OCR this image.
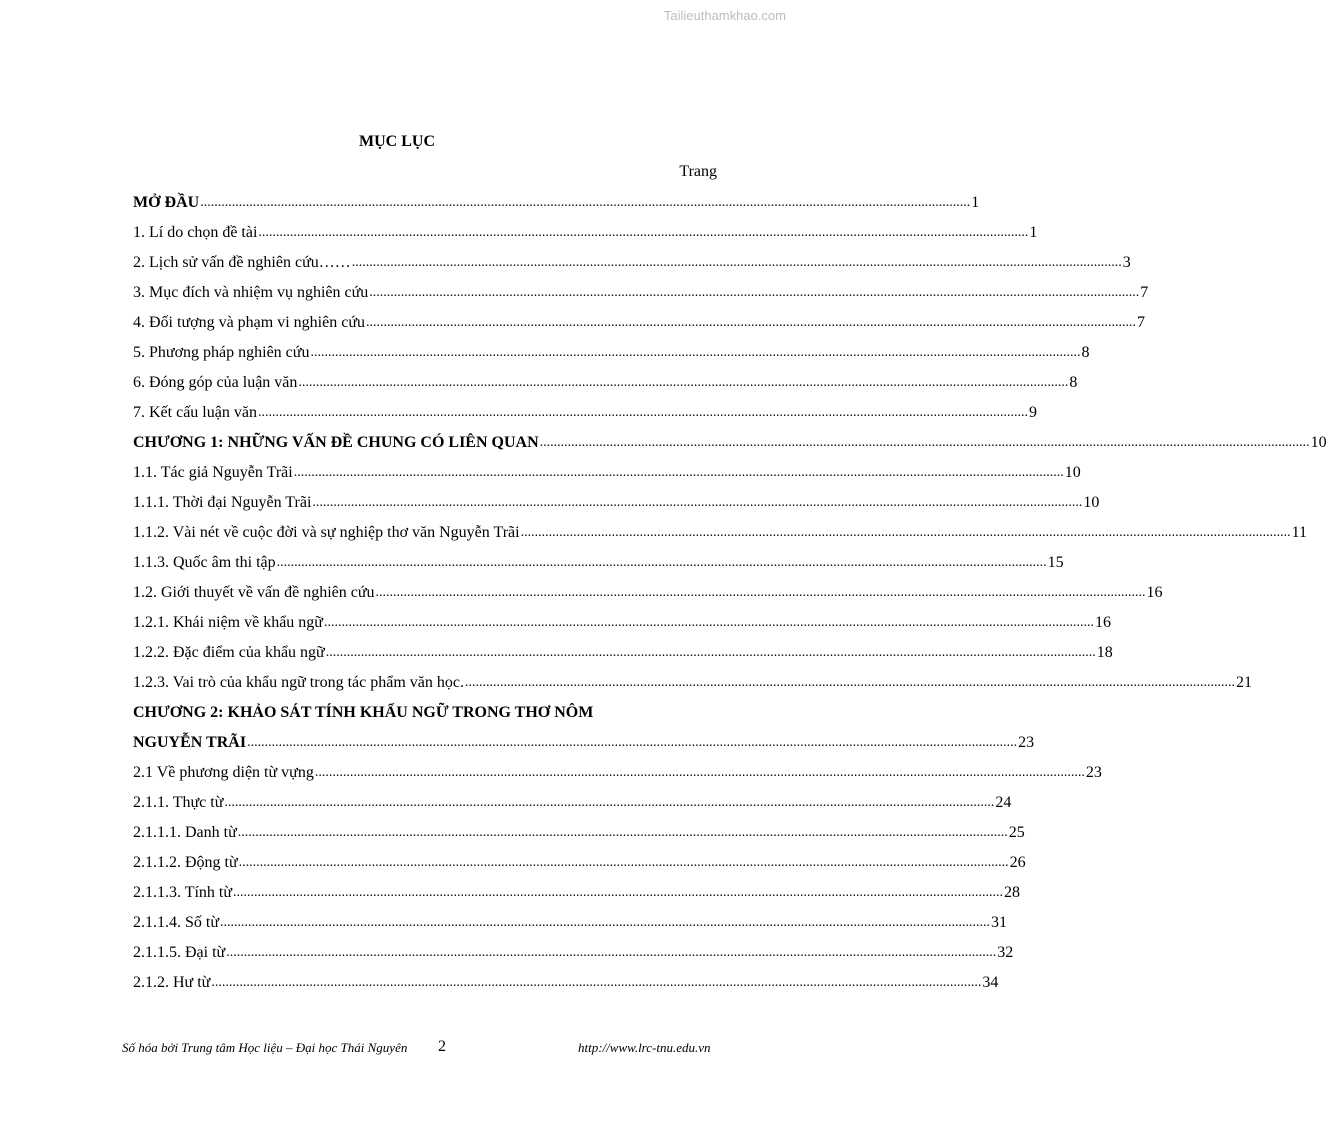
Tailieuthamkhao.com
MỤC LỤC
Trang
MỞ ĐẦU ............................................................................................................................................................................................................................ 1
1. Lí do chọn đề tài ............................................................................................................................................................................................................................ 1
2. Lịch sử vấn đề nghiên cứu…… ............................................................................................................................................................................................................................ 3
3. Mục đích và nhiệm vụ nghiên cứu ............................................................................................................................................................................................................................ 7
4. Đối tượng và phạm vi nghiên cứu ............................................................................................................................................................................................................................ 7
5. Phương pháp nghiên cứu ............................................................................................................................................................................................................................ 8
6. Đóng góp của luận văn ............................................................................................................................................................................................................................ 8
7. Kết cấu luận văn ............................................................................................................................................................................................................................ 9
CHƯƠNG 1: NHỮNG VẤN ĐỀ CHUNG CÓ LIÊN QUAN ............................................................................................................................................................................................................................ 10
1.1. Tác giả Nguyễn Trãi ............................................................................................................................................................................................................................ 10
1.1.1. Thời đại Nguyễn Trãi ............................................................................................................................................................................................................................ 10
1.1.2. Vài nét về cuộc đời và sự nghiệp thơ văn Nguyễn Trãi ............................................................................................................................................................................................................................ 11
1.1.3. Quốc âm thi tập ............................................................................................................................................................................................................................ 15
1.2. Giới thuyết về vấn đề nghiên cứu ............................................................................................................................................................................................................................ 16
1.2.1. Khái niệm về khẩu ngữ ............................................................................................................................................................................................................................ 16
1.2.2. Đặc điểm của khẩu ngữ ............................................................................................................................................................................................................................ 18
1.2.3. Vai trò của khẩu ngữ trong tác phẩm văn học. ............................................................................................................................................................................................................................ 21
CHƯƠNG 2: KHẢO SÁT TÍNH KHẨU NGỮ TRONG THƠ NÔM
NGUYỄN TRÃI ............................................................................................................................................................................................................................ 23
2.1 Về phương diện từ vựng ............................................................................................................................................................................................................................ 23
2.1.1. Thực từ ............................................................................................................................................................................................................................ 24
2.1.1.1. Danh từ ............................................................................................................................................................................................................................ 25
2.1.1.2. Động từ ............................................................................................................................................................................................................................ 26
2.1.1.3. Tính từ ............................................................................................................................................................................................................................ 28
2.1.1.4. Số từ ............................................................................................................................................................................................................................ 31
2.1.1.5. Đại từ ............................................................................................................................................................................................................................ 32
2.1.2. Hư từ ............................................................................................................................................................................................................................ 34
Số hóa bởi Trung tâm Học liệu – Đại học Thái Nguyên 2	http://www.lrc-tnu.edu.vn
